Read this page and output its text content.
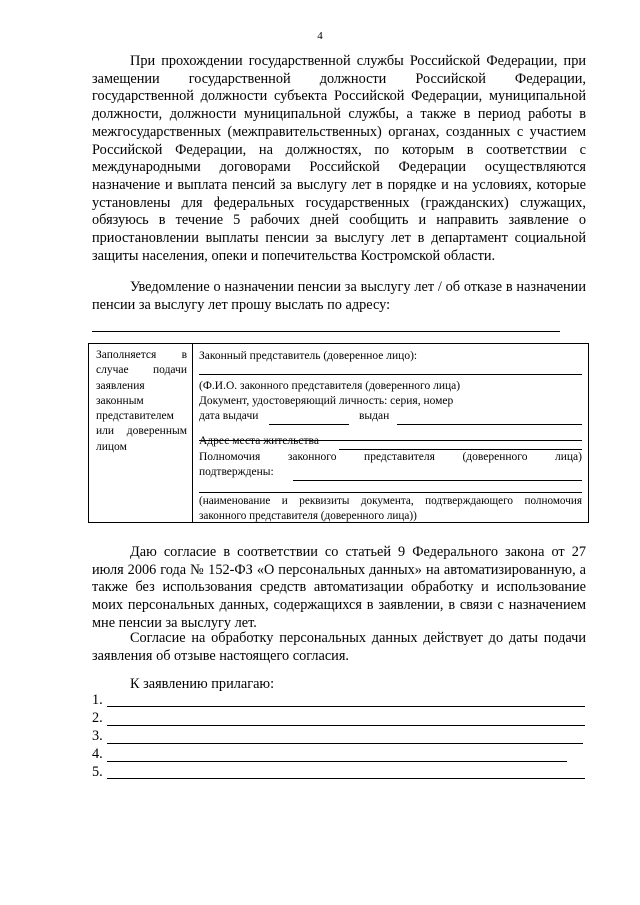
4
При прохождении государственной службы Российской Федерации, при замещении государственной должности Российской Федерации, государственной должности субъекта Российской Федерации, муниципальной должности, должности муниципальной службы, а также в период работы в межгосударственных (межправительственных) органах, созданных с участием Российской Федерации, на должностях, по которым в соответствии с международными договорами Российской Федерации осуществляются назначение и выплата пенсий за выслугу лет в порядке и на условиях, которые установлены для федеральных государственных (гражданских) служащих, обязуюсь в течение 5 рабочих дней сообщить и направить заявление о приостановлении выплаты пенсии за выслугу лет в департамент социальной защиты населения, опеки и попечительства Костромской области.
Уведомление о назначении пенсии за выслугу лет / об отказе в назначении пенсии за выслугу лет прошу выслать по адресу:
Заполняется в случае подачи заявления законным представителем или доверенным лицом
Законный представитель (доверенное лицо):
(Ф.И.О. законного представителя (доверенного лица)
Документ, удостоверяющий личность: серия, номер
дата выдачи	выдан
Адрес места жительства
Полномочия законного представителя (доверенного лица)
подтверждены:
(наименование и реквизиты документа, подтверждающего полномочия законного представителя (доверенного лица))
Даю согласие в соответствии со статьей 9 Федерального закона от 27 июля 2006 года № 152-ФЗ «О персональных данных» на автоматизированную, а также без использования средств автоматизации обработку и использование моих персональных данных, содержащихся в заявлении, в связи с назначением мне пенсии за выслугу лет.
Согласие на обработку персональных данных действует до даты подачи заявления об отзыве настоящего согласия.
К заявлению прилагаю:
1.
2.
3.
4.
5.
